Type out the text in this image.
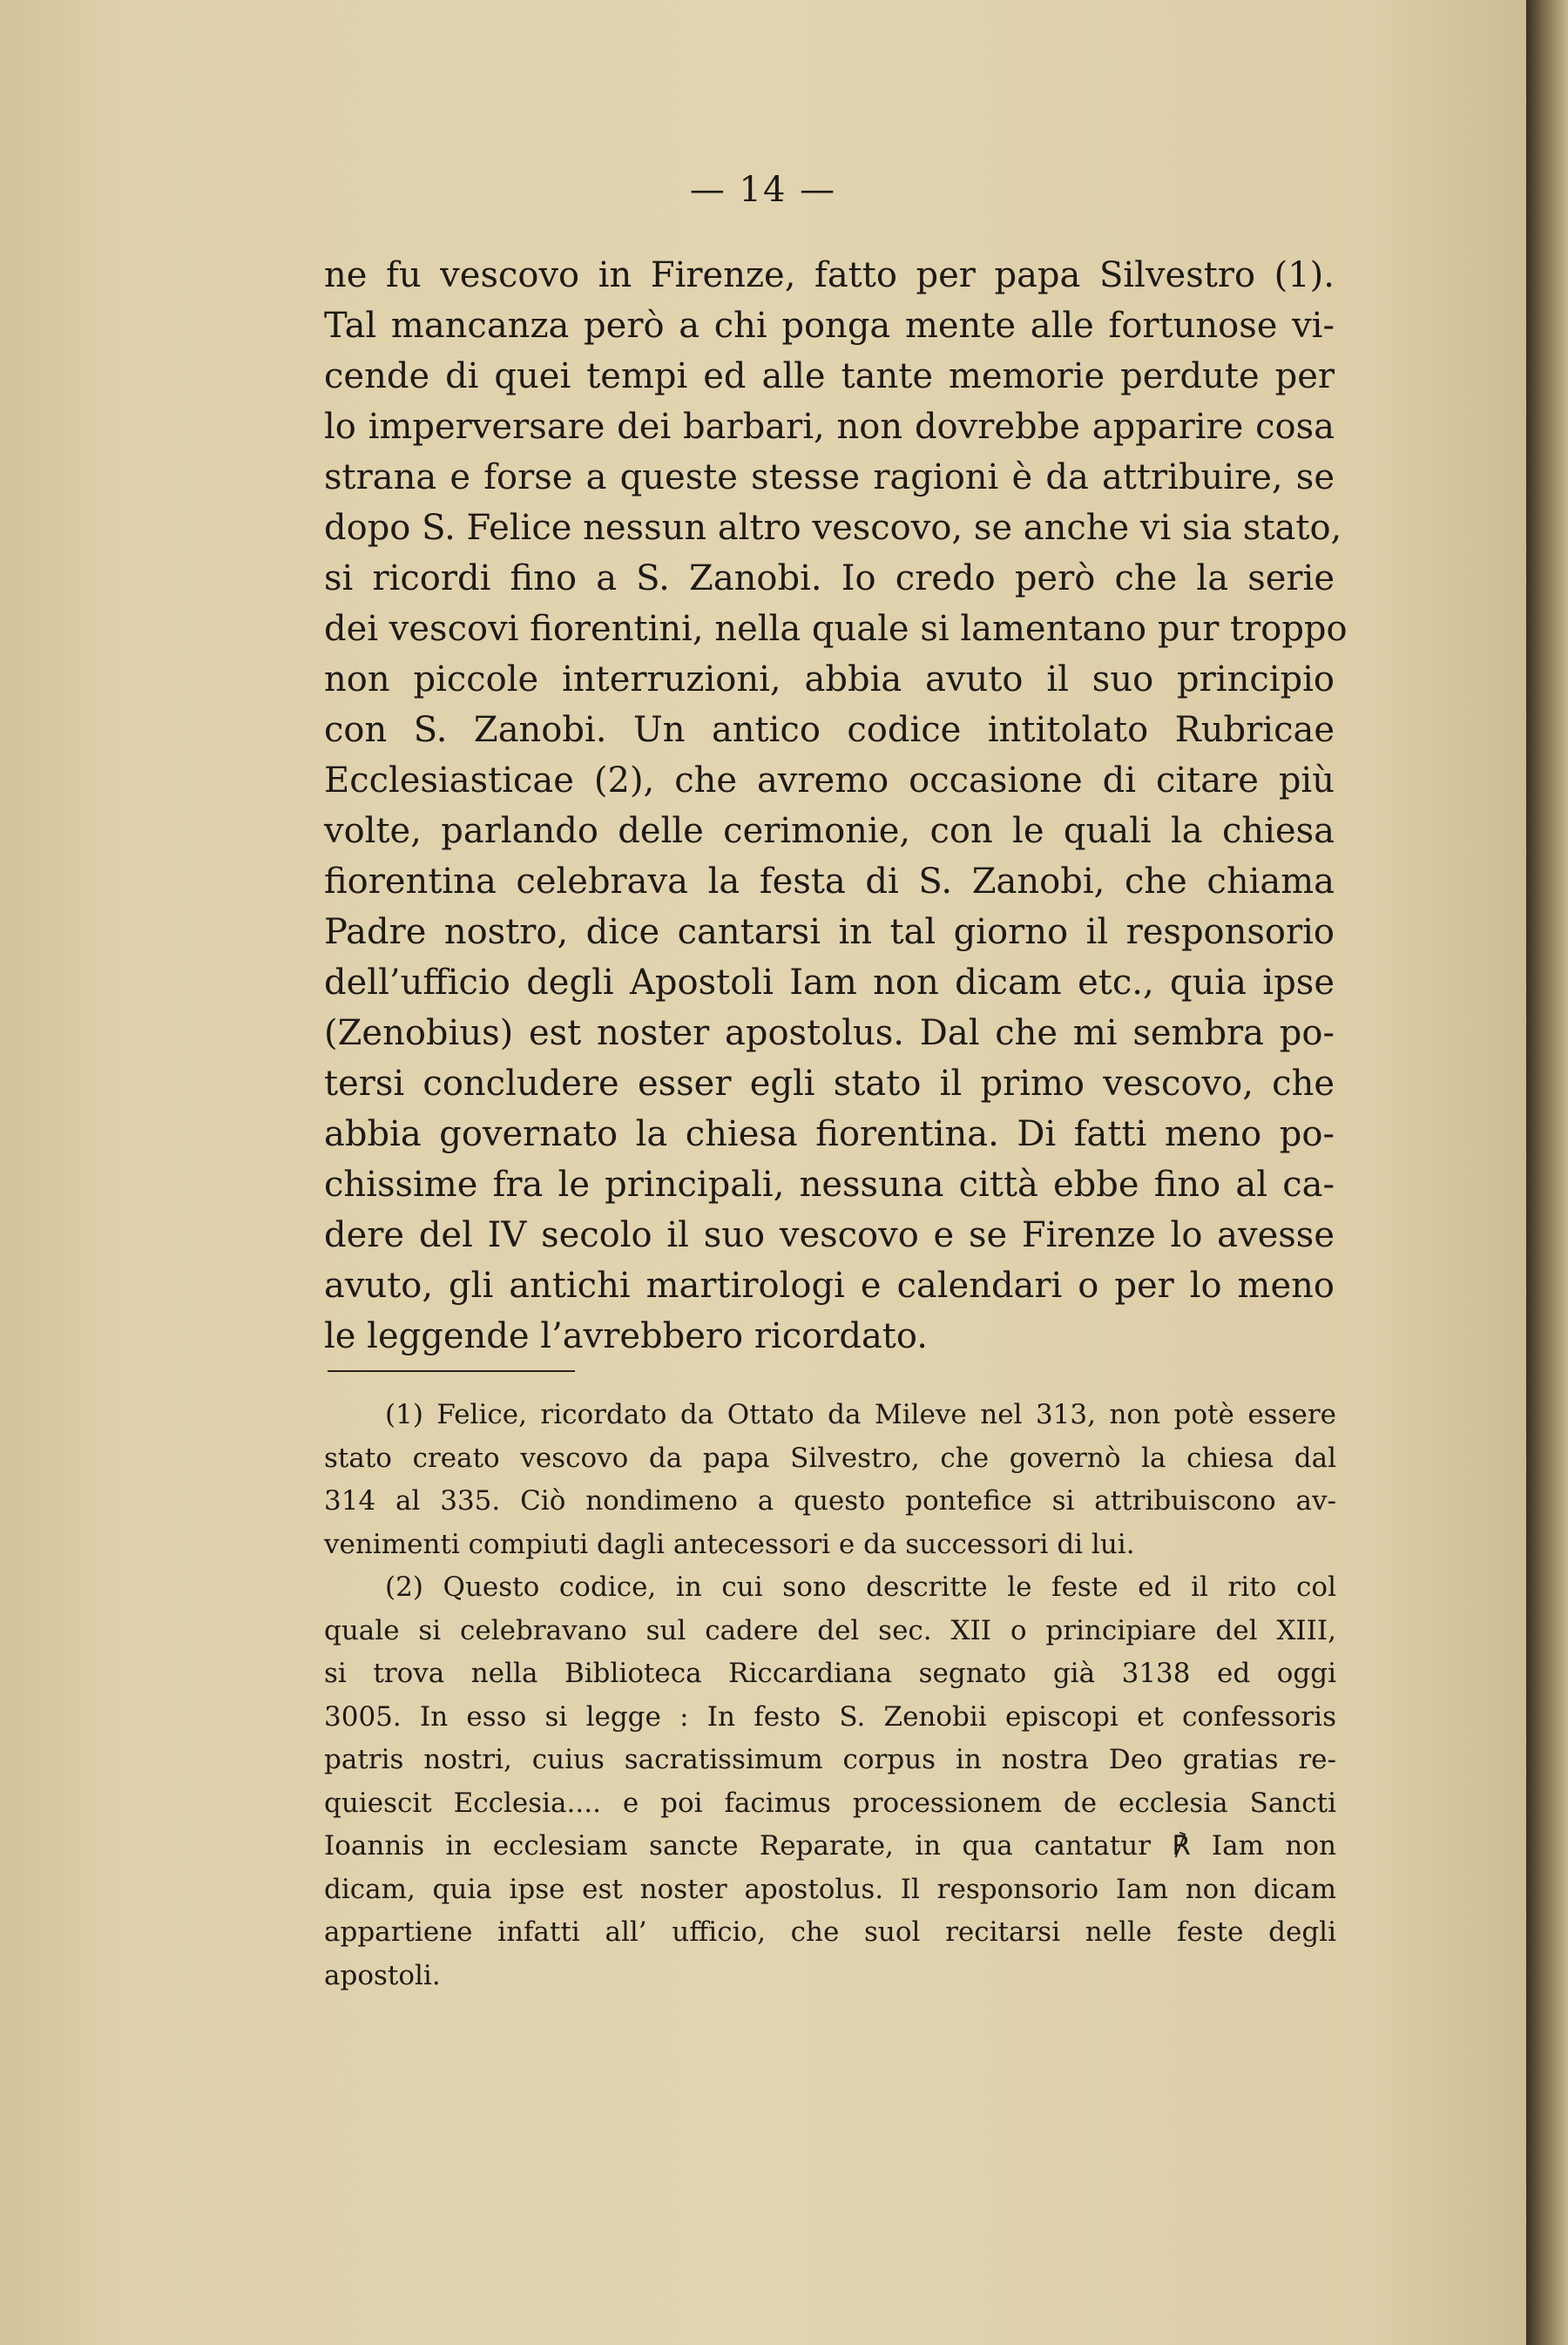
— 14 —
ne fu vescovo in Firenze, fatto per papa Silvestro (1).
Tal mancanza però a chi ponga mente alle fortunose vi-
cende di quei tempi ed alle tante memorie perdute per
lo imperversare dei barbari, non dovrebbe apparire cosa
strana e forse a queste stesse ragioni è da attribuire, se
dopo S. Felice nessun altro vescovo, se anche vi sia stato,
si ricordi fino a S. Zanobi. Io credo però che la serie
dei vescovi fiorentini, nella quale si lamentano pur troppo
non piccole interruzioni, abbia avuto il suo principio
con S. Zanobi. Un antico codice intitolato Rubricae
Ecclesiasticae (2), che avremo occasione di citare più
volte, parlando delle cerimonie, con le quali la chiesa
fiorentina celebrava la festa di S. Zanobi, che chiama
Padre nostro, dice cantarsi in tal giorno il responsorio
dell’ufficio degli Apostoli Iam non dicam etc., quia ipse
(Zenobius) est noster apostolus. Dal che mi sembra po-
tersi concludere esser egli stato il primo vescovo, che
abbia governato la chiesa fiorentina. Di fatti meno po-
chissime fra le principali, nessuna città ebbe fino al ca-
dere del IV secolo il suo vescovo e se Firenze lo avesse
avuto, gli antichi martirologi e calendari o per lo meno
le leggende l’avrebbero ricordato.
(1) Felice, ricordato da Ottato da Mileve nel 313, non potè essere
stato creato vescovo da papa Silvestro, che governò la chiesa dal
314 al 335. Ciò nondimeno a questo pontefice si attribuiscono av-
venimenti compiuti dagli antecessori e da successori di lui.
(2) Questo codice, in cui sono descritte le feste ed il rito col
quale si celebravano sul cadere del sec. XII o principiare del XIII,
si trova nella Biblioteca Riccardiana segnato già 3138 ed oggi
3005. In esso si legge : In festo S. Zenobii episcopi et confessoris
patris nostri, cuius sacratissimum corpus in nostra Deo gratias re-
quiescit Ecclesia.... e poi facimus processionem de ecclesia Sancti
Ioannis in ecclesiam sancte Reparate, in qua cantatur ℟ Iam non
dicam, quia ipse est noster apostolus. Il responsorio Iam non dicam
appartiene infatti all’ ufficio, che suol recitarsi nelle feste degli
apostoli.
